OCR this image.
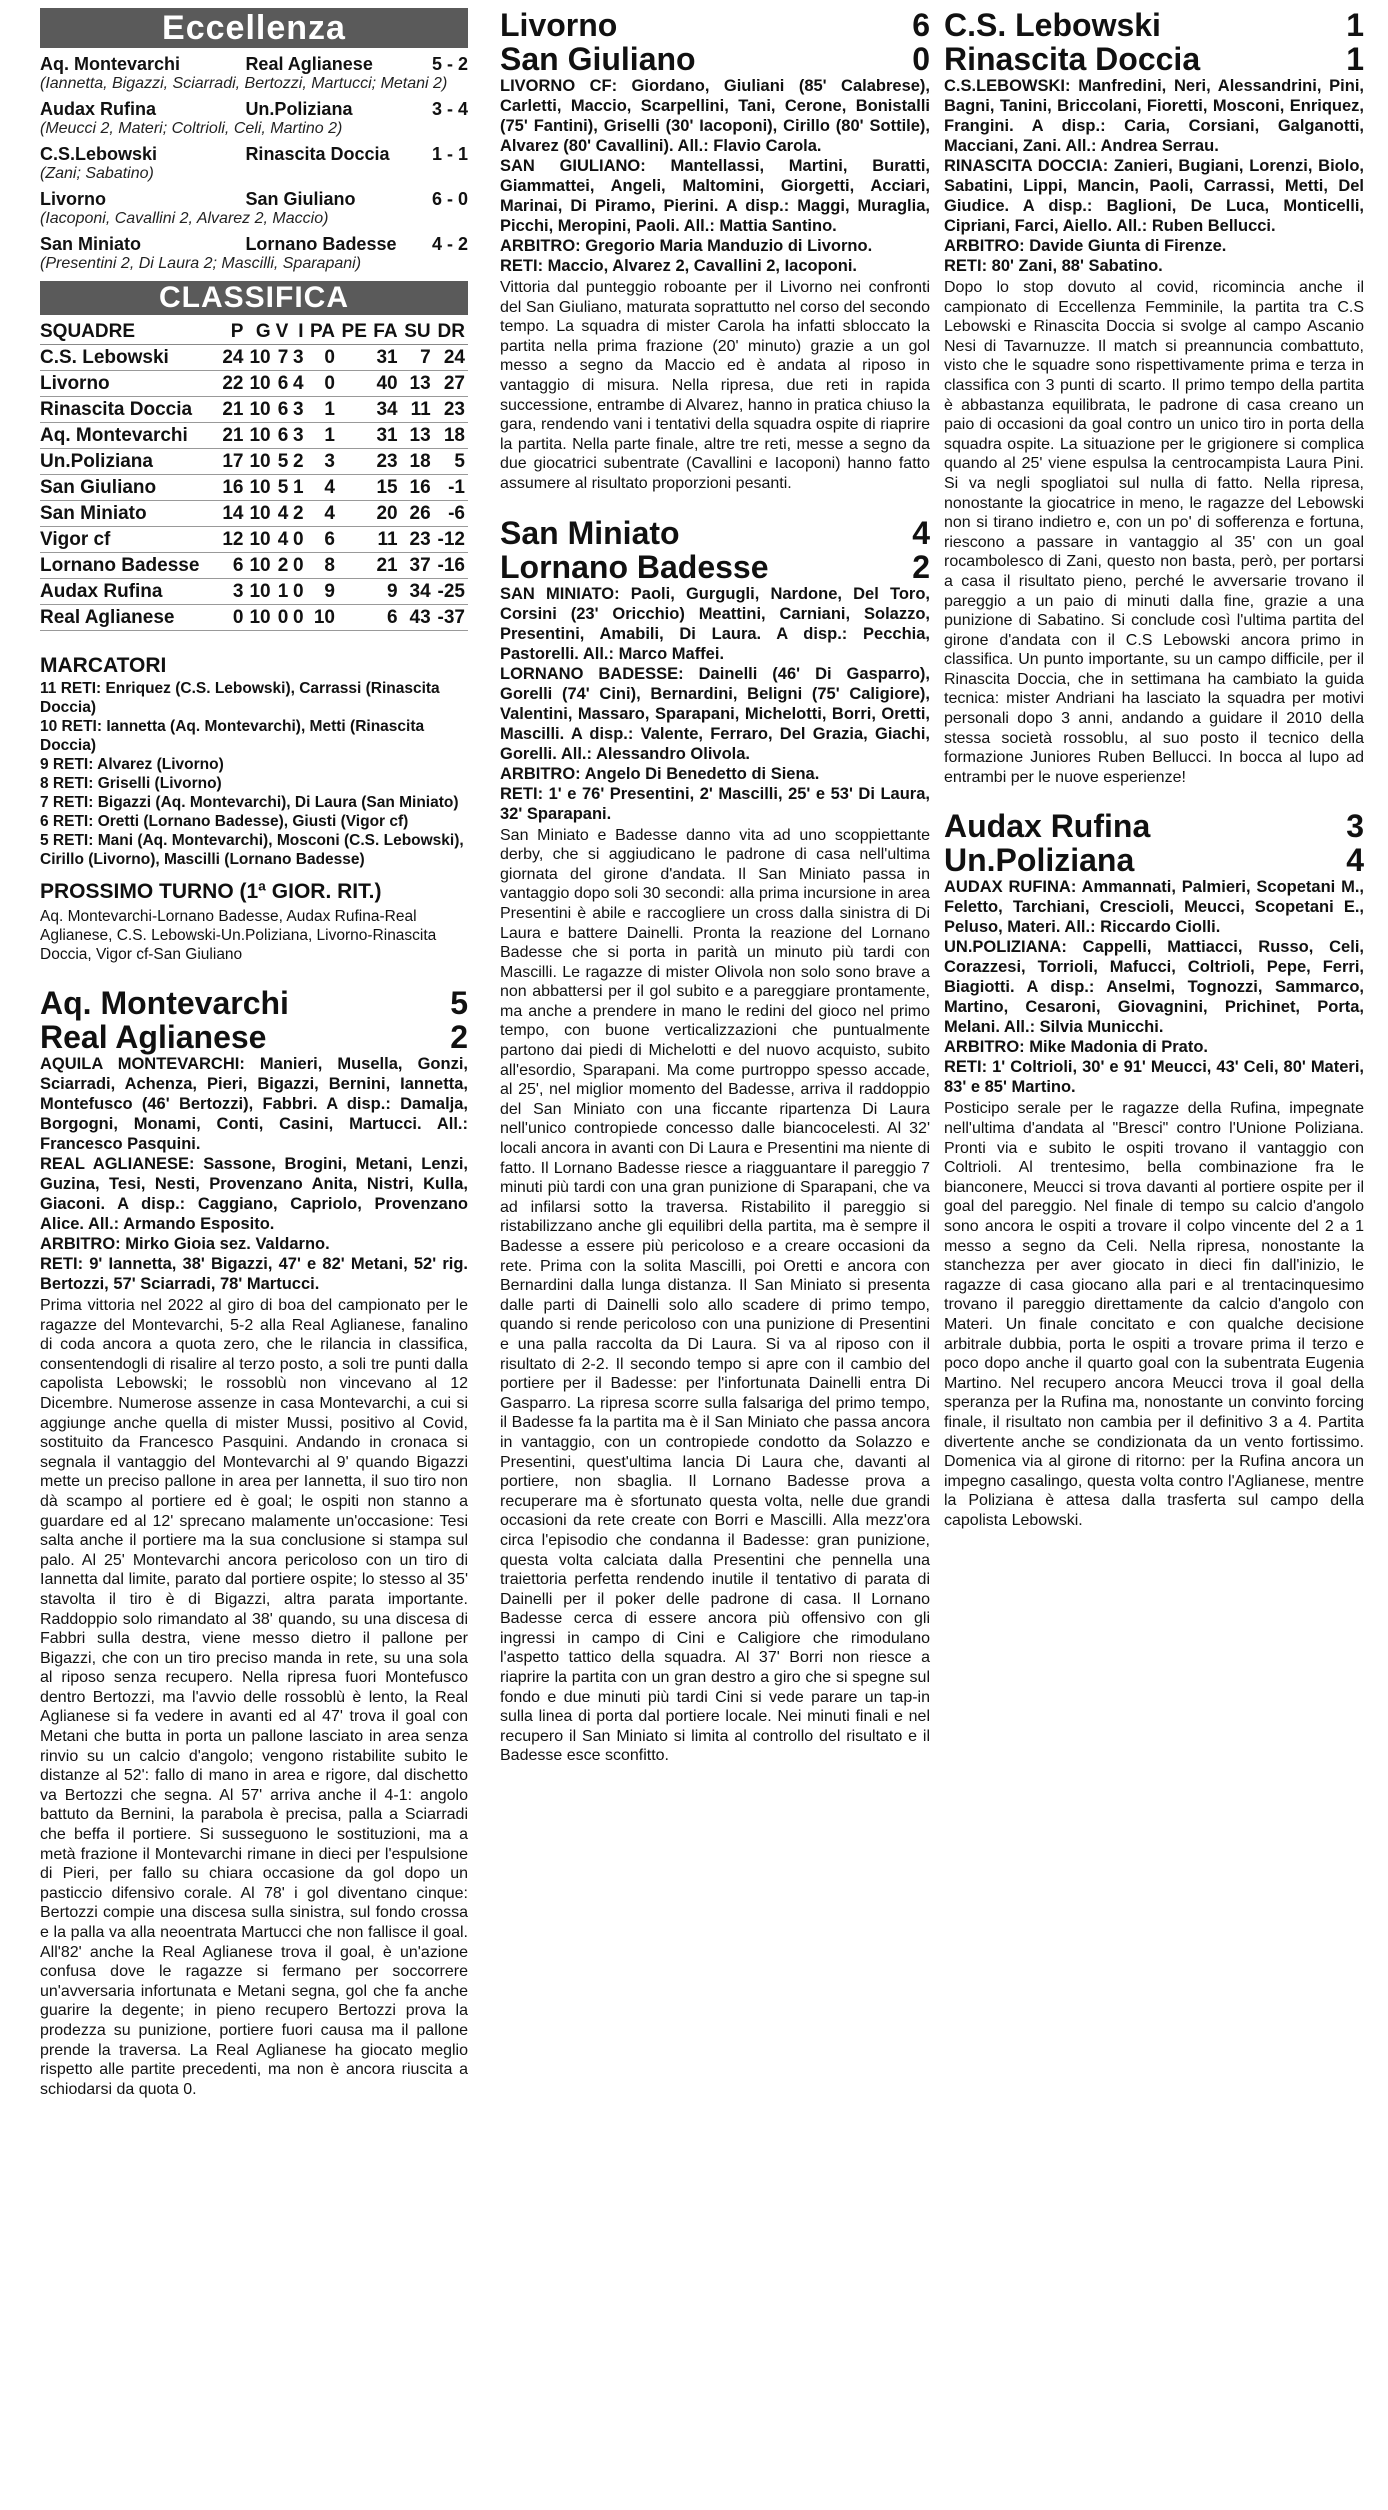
Eccellenza
Aq. Montevarchi	Real Aglianese	5 - 2
(Iannetta, Bigazzi, Sciarradi, Bertozzi, Martucci; Metani 2)
Audax Rufina	Un.Poliziana	3 - 4
(Meucci 2, Materi; Coltrioli, Celi, Martino 2)
C.S.Lebowski	Rinascita Doccia	1 - 1
(Zani; Sabatino)
Livorno	San Giuliano	6 - 0
(Iacoponi, Cavallini 2, Alvarez 2, Maccio)
San Miniato	Lornano Badesse	4 - 2
(Presentini 2, Di Laura 2; Mascilli, Sparapani)
CLASSIFICA
SQUADRE	P	G	V	I	PA	PE	FA	SU	DR
C.S. Lebowski	24	10	7	3	0		31	7	24
Livorno	22	10	6	4	0		40	13	27
Rinascita Doccia	21	10	6	3	1		34	11	23
Aq. Montevarchi	21	10	6	3	1		31	13	18
Un.Poliziana	17	10	5	2	3		23	18	5
San Giuliano	16	10	5	1	4		15	16	-1
San Miniato	14	10	4	2	4		20	26	-6
Vigor cf	12	10	4	0	6		11	23	-12
Lornano Badesse	6	10	2	0	8		21	37	-16
Audax Rufina	3	10	1	0	9		9	34	-25
Real Aglianese	0	10	0	0	10		6	43	-37
MARCATORI
11 RETI: Enriquez (C.S. Lebowski), Carrassi (Rinascita Doccia)
10 RETI: Iannetta (Aq. Montevarchi), Metti (Rinascita Doccia)
9 RETI: Alvarez (Livorno)
8 RETI: Griselli (Livorno)
7 RETI: Bigazzi (Aq. Montevarchi), Di Laura (San Miniato)
6 RETI: Oretti (Lornano Badesse), Giusti (Vigor cf)
5 RETI: Mani (Aq. Montevarchi), Mosconi (C.S. Lebowski), Cirillo (Livorno), Mascilli (Lornano Badesse)
PROSSIMO TURNO (1ª GIOR. RIT.)
Aq. Montevarchi-Lornano Badesse, Audax Rufina-Real Aglianese, C.S. Lebowski-Un.Poliziana, Livorno-Rinascita Doccia, Vigor cf-San Giuliano
Aq. Montevarchi	5
Real Aglianese	2
AQUILA MONTEVARCHI: Manieri, Musella, Gonzi, Sciarradi, Achenza, Pieri, Bigazzi, Bernini, Iannetta, Montefusco (46' Bertozzi), Fabbri. A disp.: Damalja, Borgogni, Monami, Conti, Casini, Martucci. All.: Francesco Pasquini.
REAL AGLIANESE: Sassone, Brogini, Metani, Lenzi, Guzina, Tesi, Nesti, Provenzano Anita, Nistri, Kulla, Giaconi. A disp.: Caggiano, Capriolo, Provenzano Alice. All.: Armando Esposito.
ARBITRO: Mirko Gioia sez. Valdarno.
RETI: 9' Iannetta, 38' Bigazzi, 47' e 82' Metani, 52' rig. Bertozzi, 57' Sciarradi, 78' Martucci.
Prima vittoria nel 2022 al giro di boa del campionato per le ragazze del Montevarchi, 5-2 alla Real Aglianese, fanalino di coda ancora a quota zero, che le rilancia in classifica, consentendogli di risalire al terzo posto, a soli tre punti dalla capolista Lebowski; le rossoblù non vincevano al 12 Dicembre. Numerose assenze in casa Montevarchi, a cui si aggiunge anche quella di mister Mussi, positivo al Covid, sostituito da Francesco Pasquini. Andando in cronaca si segnala il vantaggio del Montevarchi al 9' quando Bigazzi mette un preciso pallone in area per Iannetta, il suo tiro non dà scampo al portiere ed è goal; le ospiti non stanno a guardare ed al 12' sprecano malamente un'occasione: Tesi salta anche il portiere ma la sua conclusione si stampa sul palo. Al 25' Montevarchi ancora pericoloso con un tiro di Iannetta dal limite, parato dal portiere ospite; lo stesso al 35' stavolta il tiro è di Bigazzi, altra parata importante. Raddoppio solo rimandato al 38' quando, su una discesa di Fabbri sulla destra, viene messo dietro il pallone per Bigazzi, che con un tiro preciso manda in rete, su una sola al riposo senza recupero. Nella ripresa fuori Montefusco dentro Bertozzi, ma l'avvio delle rossoblù è lento, la Real Aglianese si fa vedere in avanti ed al 47' trova il goal con Metani che butta in porta un pallone lasciato in area senza rinvio su un calcio d'angolo; vengono ristabilite subito le distanze al 52': fallo di mano in area e rigore, dal dischetto va Bertozzi che segna. Al 57' arriva anche il 4-1: angolo battuto da Bernini, la parabola è precisa, palla a Sciarradi che beffa il portiere. Si susseguono le sostituzioni, ma a metà frazione il Montevarchi rimane in dieci per l'espulsione di Pieri, per fallo su chiara occasione da gol dopo un pasticcio difensivo corale. Al 78' i gol diventano cinque: Bertozzi compie una discesa sulla sinistra, sul fondo crossa e la palla va alla neoentrata Martucci che non fallisce il goal. All'82' anche la Real Aglianese trova il goal, è un'azione confusa dove le ragazze si fermano per soccorrere un'avversaria infortunata e Metani segna, gol che fa anche guarire la degente; in pieno recupero Bertozzi prova la prodezza su punizione, portiere fuori causa ma il pallone prende la traversa. La Real Aglianese ha giocato meglio rispetto alle partite precedenti, ma non è ancora riuscita a schiodarsi da quota 0.
Livorno	6
San Giuliano	0
LIVORNO CF: Giordano, Giuliani (85' Calabrese), Carletti, Maccio, Scarpellini, Tani, Cerone, Bonistalli (75' Fantini), Griselli (30' Iacoponi), Cirillo (80' Sottile), Alvarez (80' Cavallini). All.: Flavio Carola.
SAN GIULIANO: Mantellassi, Martini, Buratti, Giammattei, Angeli, Maltomini, Giorgetti, Acciari, Marinai, Di Piramo, Pierini. A disp.: Maggi, Muraglia, Picchi, Meropini, Paoli. All.: Mattia Santino.
ARBITRO: Gregorio Maria Manduzio di Livorno.
RETI: Maccio, Alvarez 2, Cavallini 2, Iacoponi.
Vittoria dal punteggio roboante per il Livorno nei confronti del San Giuliano, maturata soprattutto nel corso del secondo tempo. La squadra di mister Carola ha infatti sbloccato la partita nella prima frazione (20' minuto) grazie a un gol messo a segno da Maccio ed è andata al riposo in vantaggio di misura. Nella ripresa, due reti in rapida successione, entrambe di Alvarez, hanno in pratica chiuso la gara, rendendo vani i tentativi della squadra ospite di riaprire la partita. Nella parte finale, altre tre reti, messe a segno da due giocatrici subentrate (Cavallini e Iacoponi) hanno fatto assumere al risultato proporzioni pesanti.
San Miniato	4
Lornano Badesse	2
SAN MINIATO: Paoli, Gurgugli, Nardone, Del Toro, Corsini (23' Oricchio) Meattini, Carniani, Solazzo, Presentini, Amabili, Di Laura. A disp.: Pecchia, Pastorelli. All.: Marco Maffei.
LORNANO BADESSE: Dainelli (46' Di Gasparro), Gorelli (74' Cini), Bernardini, Beligni (75' Caligiore), Valentini, Massaro, Sparapani, Michelotti, Borri, Oretti, Mascilli. A disp.: Valente, Ferraro, Del Grazia, Giachi, Gorelli. All.: Alessandro Olivola.
ARBITRO: Angelo Di Benedetto di Siena.
RETI: 1' e 76' Presentini, 2' Mascilli, 25' e 53' Di Laura, 32' Sparapani.
San Miniato e Badesse danno vita ad uno scoppiettante derby, che si aggiudicano le padrone di casa nell'ultima giornata del girone d'andata. Il San Miniato passa in vantaggio dopo soli 30 secondi: alla prima incursione in area Presentini è abile e raccogliere un cross dalla sinistra di Di Laura e battere Dainelli. Pronta la reazione del Lornano Badesse che si porta in parità un minuto più tardi con Mascilli. Le ragazze di mister Olivola non solo sono brave a non abbattersi per il gol subito e a pareggiare prontamente, ma anche a prendere in mano le redini del gioco nel primo tempo, con buone verticalizzazioni che puntualmente partono dai piedi di Michelotti e del nuovo acquisto, subito all'esordio, Sparapani. Ma come purtroppo spesso accade, al 25', nel miglior momento del Badesse, arriva il raddoppio del San Miniato con una ficcante ripartenza Di Laura nell'unico contropiede concesso dalle biancocelesti. Al 32' locali ancora in avanti con Di Laura e Presentini ma niente di fatto. Il Lornano Badesse riesce a riagguantare il pareggio 7 minuti più tardi con una gran punizione di Sparapani, che va ad infilarsi sotto la traversa. Ristabilito il pareggio si ristabilizzano anche gli equilibri della partita, ma è sempre il Badesse a essere più pericoloso e a creare occasioni da rete. Prima con la solita Mascilli, poi Oretti e ancora con Bernardini dalla lunga distanza. Il San Miniato si presenta dalle parti di Dainelli solo allo scadere di primo tempo, quando si rende pericoloso con una punizione di Presentini e una palla raccolta da Di Laura. Si va al riposo con il risultato di 2-2. Il secondo tempo si apre con il cambio del portiere per il Badesse: per l'infortunata Dainelli entra Di Gasparro. La ripresa scorre sulla falsariga del primo tempo, il Badesse fa la partita ma è il San Miniato che passa ancora in vantaggio, con un contropiede condotto da Solazzo e Presentini, quest'ultima lancia Di Laura che, davanti al portiere, non sbaglia. Il Lornano Badesse prova a recuperare ma è sfortunato questa volta, nelle due grandi occasioni da rete create con Borri e Mascilli. Alla mezz'ora circa l'episodio che condanna il Badesse: gran punizione, questa volta calciata dalla Presentini che pennella una traiettoria perfetta rendendo inutile il tentativo di parata di Dainelli per il poker delle padrone di casa. Il Lornano Badesse cerca di essere ancora più offensivo con gli ingressi in campo di Cini e Caligiore che rimodulano l'aspetto tattico della squadra. Al 37' Borri non riesce a riaprire la partita con un gran destro a giro che si spegne sul fondo e due minuti più tardi Cini si vede parare un tap-in sulla linea di porta dal portiere locale. Nei minuti finali e nel recupero il San Miniato si limita al controllo del risultato e il Badesse esce sconfitto.
C.S. Lebowski	1
Rinascita Doccia	1
C.S.LEBOWSKI: Manfredini, Neri, Alessandrini, Pini, Bagni, Tanini, Briccolani, Fioretti, Mosconi, Enriquez, Frangini. A disp.: Caria, Corsiani, Galganotti, Macciani, Zani. All.: Andrea Serrau.
RINASCITA DOCCIA: Zanieri, Bugiani, Lorenzi, Biolo, Sabatini, Lippi, Mancin, Paoli, Carrassi, Metti, Del Giudice. A disp.: Baglioni, De Luca, Monticelli, Cipriani, Farci, Aiello. All.: Ruben Bellucci.
ARBITRO: Davide Giunta di Firenze.
RETI: 80' Zani, 88' Sabatino.
Dopo lo stop dovuto al covid, ricomincia anche il campionato di Eccellenza Femminile, la partita tra C.S Lebowski e Rinascita Doccia si svolge al campo Ascanio Nesi di Tavarnuzze. Il match si preannuncia combattuto, visto che le squadre sono rispettivamente prima e terza in classifica con 3 punti di scarto. Il primo tempo della partita è abbastanza equilibrata, le padrone di casa creano un paio di occasioni da goal contro un unico tiro in porta della squadra ospite. La situazione per le grigionere si complica quando al 25' viene espulsa la centrocampista Laura Pini. Si va negli spogliatoi sul nulla di fatto. Nella ripresa, nonostante la giocatrice in meno, le ragazze del Lebowski non si tirano indietro e, con un po' di sofferenza e fortuna, riescono a passare in vantaggio al 35' con un goal rocambolesco di Zani, questo non basta, però, per portarsi a casa il risultato pieno, perché le avversarie trovano il pareggio a un paio di minuti dalla fine, grazie a una punizione di Sabatino. Si conclude così l'ultima partita del girone d'andata con il C.S Lebowski ancora primo in classifica. Un punto importante, su un campo difficile, per il Rinascita Doccia, che in settimana ha cambiato la guida tecnica: mister Andriani ha lasciato la squadra per motivi personali dopo 3 anni, andando a guidare il 2010 della stessa società rossoblu, al suo posto il tecnico della formazione Juniores Ruben Bellucci. In bocca al lupo ad entrambi per le nuove esperienze!
Audax Rufina	3
Un.Poliziana	4
AUDAX RUFINA: Ammannati, Palmieri, Scopetani M., Feletto, Tarchiani, Crescioli, Meucci, Scopetani E., Peluso, Materi. All.: Riccardo Ciolli.
UN.POLIZIANA: Cappelli, Mattiacci, Russo, Celi, Corazzesi, Torrioli, Mafucci, Coltrioli, Pepe, Ferri, Biagiotti. A disp.: Anselmi, Tognozzi, Sammarco, Martino, Cesaroni, Giovagnini, Prichinet, Porta, Melani. All.: Silvia Municchi.
ARBITRO: Mike Madonia di Prato.
RETI: 1' Coltrioli, 30' e 91' Meucci, 43' Celi, 80' Materi, 83' e 85' Martino.
Posticipo serale per le ragazze della Rufina, impegnate nell'ultima d'andata al "Bresci" contro l'Unione Poliziana. Pronti via e subito le ospiti trovano il vantaggio con Coltrioli. Al trentesimo, bella combinazione fra le bianconere, Meucci si trova davanti al portiere ospite per il goal del pareggio. Nel finale di tempo su calcio d'angolo sono ancora le ospiti a trovare il colpo vincente del 2 a 1 messo a segno da Celi. Nella ripresa, nonostante la stanchezza per aver giocato in dieci fin dall'inizio, le ragazze di casa giocano alla pari e al trentacinquesimo trovano il pareggio direttamente da calcio d'angolo con Materi. Un finale concitato e con qualche decisione arbitrale dubbia, porta le ospiti a trovare prima il terzo e poco dopo anche il quarto goal con la subentrata Eugenia Martino. Nel recupero ancora Meucci trova il goal della speranza per la Rufina ma, nonostante un convinto forcing finale, il risultato non cambia per il definitivo 3 a 4. Partita divertente anche se condizionata da un vento fortissimo. Domenica via al girone di ritorno: per la Rufina ancora un impegno casalingo, questa volta contro l'Aglianese, mentre la Poliziana è attesa dalla trasferta sul campo della capolista Lebowski.
